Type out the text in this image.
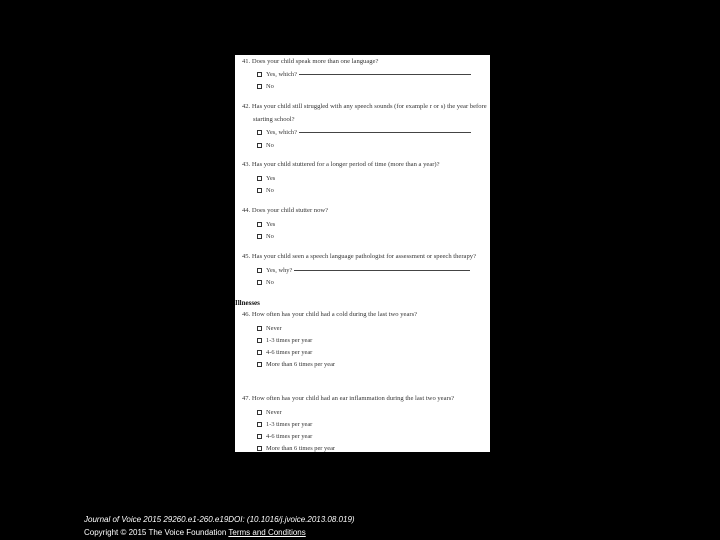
41. Does your child speak more than one language?
Yes, which?
No
42. Has your child still struggled with any speech sounds (for example r or s) the year before
starting school?
Yes, which?
No
43. Has your child stuttered for a longer period of time (more than a year)?
Yes
No
44. Does your child stutter now?
Yes
No
45. Has your child seen a speech language pathologist for assessment or speech therapy?
Yes, why?
No
Illnesses
46. How often has your child had a cold during the last two years?
Never
1-3 times per year
4-6 times per year
More than 6 times per year
47. How often has your child had an ear inflammation during the last two years?
Never
1-3 times per year
4-6 times per year
More than 6 times per year
Journal of Voice 2015 29260.e1-260.e19DOI: (10.1016/j.jvoice.2013.08.019)
Copyright © 2015 The Voice Foundation Terms and Conditions
